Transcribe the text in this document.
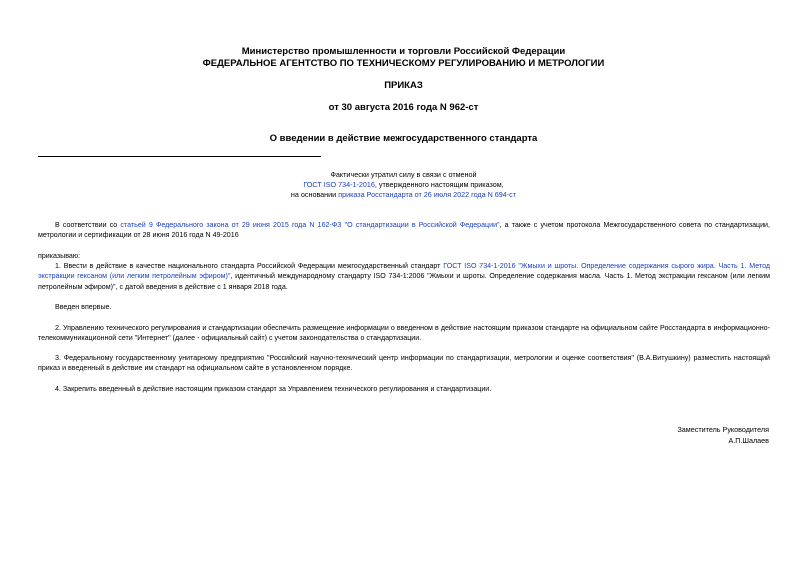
Министерство промышленности и торговли Российской Федерации
ФЕДЕРАЛЬНОЕ АГЕНТСТВО ПО ТЕХНИЧЕСКОМУ РЕГУЛИРОВАНИЮ И МЕТРОЛОГИИ
ПРИКАЗ
от 30 августа 2016 года N 962-ст
О введении в действие межгосударственного стандарта
Фактически утратил силу в связи с отменой
ГОСТ ISO 734-1-2016, утвержденного настоящим приказом,
на основании приказа Росстандарта от 26 июля 2022 года N 694-ст
В соответствии со статьей 9 Федерального закона от 29 июня 2015 года N 162-ФЗ "О стандартизации в Российской Федерации", а также с учетом протокола Межгосударственного совета по стандартизации, метрологии и сертификации от 28 июня 2016 года N 49-2016
приказываю:
1. Ввести в действие в качестве национального стандарта Российской Федерации межгосударственный стандарт ГОСТ ISO 734-1-2016 "Жмыхи и шроты. Определение содержания сырого жира. Часть 1. Метод экстракции гексаном (или легким петролейным эфиром)", идентичный международному стандарту ISO 734-1:2006 "Жмыхи и шроты. Определение содержания масла. Часть 1. Метод экстракции гексаном (или легким петролейным эфиром)", с датой введения в действие с 1 января 2018 года.
Введен впервые.
2. Управлению технического регулирования и стандартизации обеспечить размещение информации о введенном в действие настоящим приказом стандарте на официальном сайте Росстандарта в информационно-телекоммуникационной сети "Интернет" (далее - официальный сайт) с учетом законодательства о стандартизации.
3. Федеральному государственному унитарному предприятию "Российский научно-технический центр информации по стандартизации, метрологии и оценке соответствия" (В.А.Витушкину) разместить настоящий приказ и введенный в действие им стандарт на официальном сайте в установленном порядке.
4. Закрепить введенный в действие настоящим приказом стандарт за Управлением технического регулирования и стандартизации.
Заместитель Руководителя
А.П.Шалаев
